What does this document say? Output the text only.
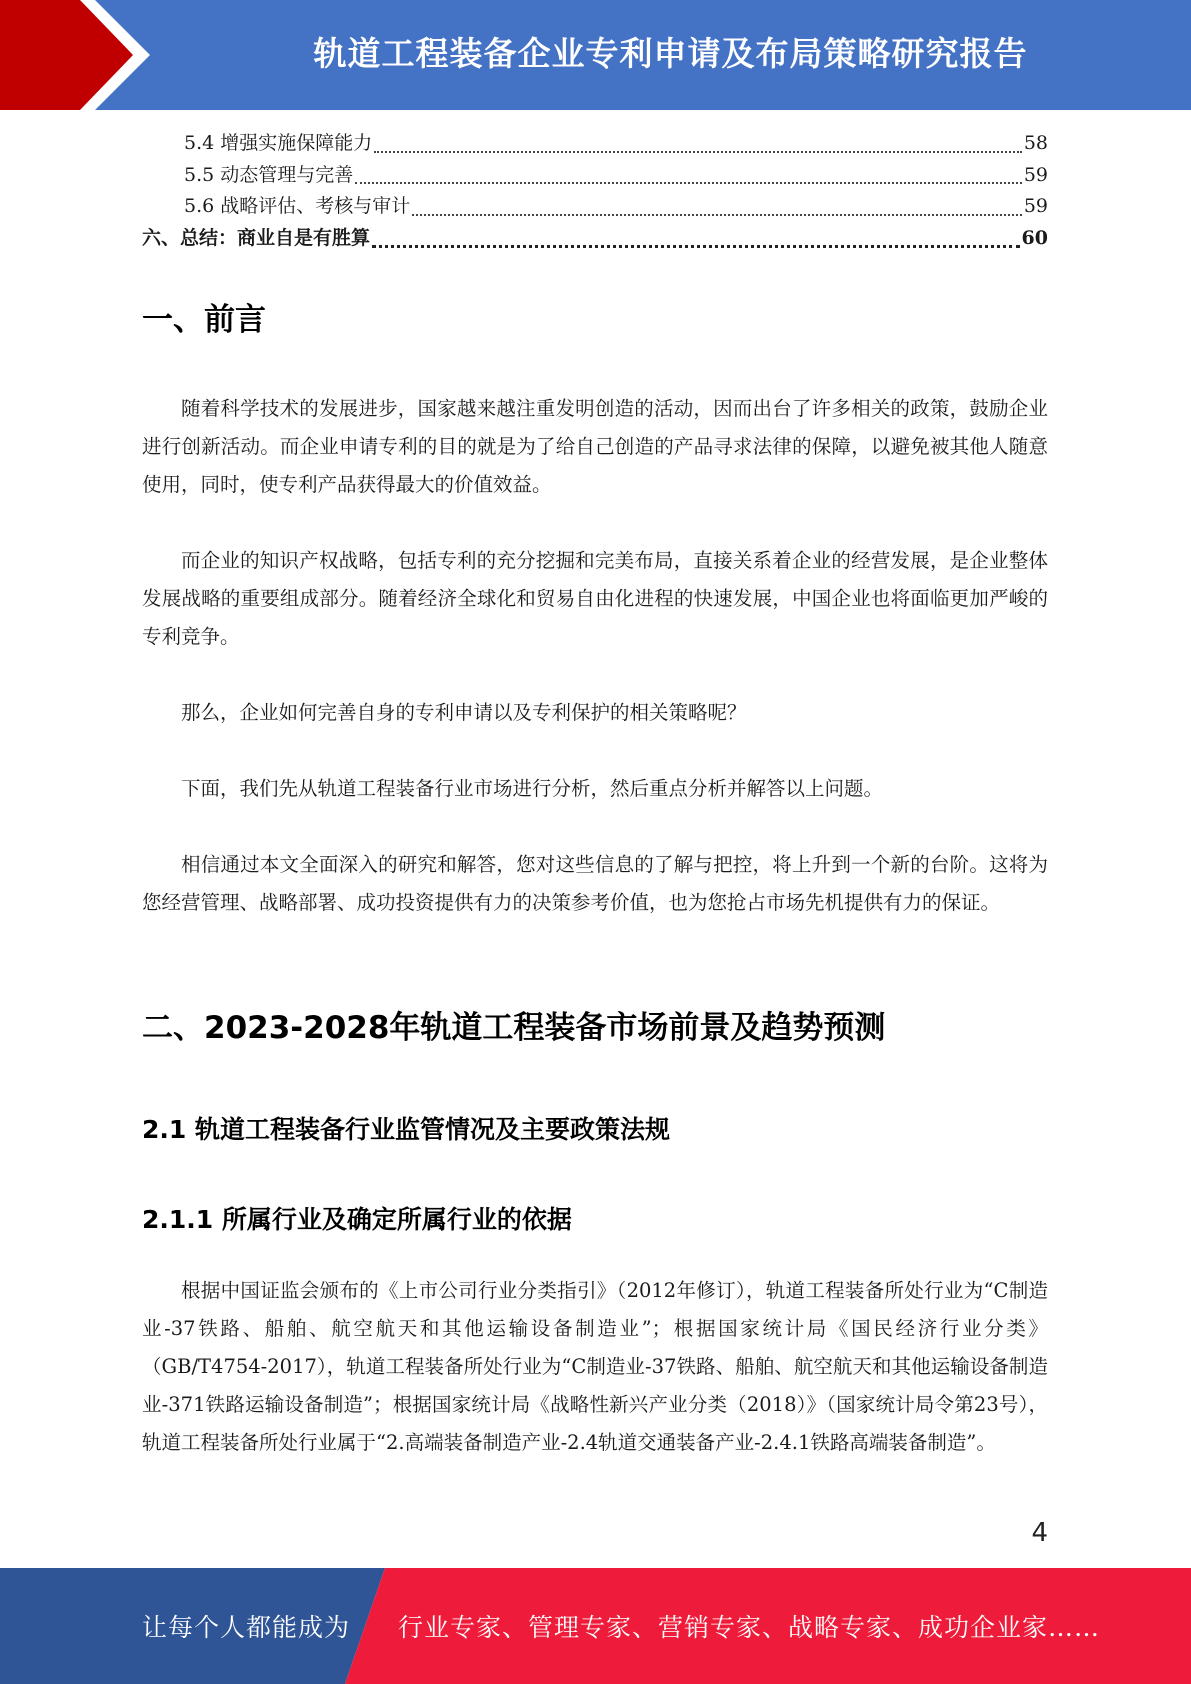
轨道工程装备企业专利申请及布局策略研究报告
5.4 增强实施保障能力	58
5.5 动态管理与完善	59
5.6 战略评估、考核与审计	59
六、总结：商业自是有胜算	60
一、前言
随着科学技术的发展进步，国家越来越注重发明创造的活动，因而出台了许多相关的政策，鼓励企业进行创新活动。而企业申请专利的目的就是为了给自己创造的产品寻求法律的保障，以避免被其他人随意使用，同时，使专利产品获得最大的价值效益。
而企业的知识产权战略，包括专利的充分挖掘和完美布局，直接关系着企业的经营发展，是企业整体发展战略的重要组成部分。随着经济全球化和贸易自由化进程的快速发展，中国企业也将面临更加严峻的专利竞争。
那么，企业如何完善自身的专利申请以及专利保护的相关策略呢？
下面，我们先从轨道工程装备行业市场进行分析，然后重点分析并解答以上问题。
相信通过本文全面深入的研究和解答，您对这些信息的了解与把控，将上升到一个新的台阶。这将为您经营管理、战略部署、成功投资提供有力的决策参考价值，也为您抢占市场先机提供有力的保证。
二、2023-2028年轨道工程装备市场前景及趋势预测
2.1 轨道工程装备行业监管情况及主要政策法规
2.1.1 所属行业及确定所属行业的依据
根据中国证监会颁布的《上市公司行业分类指引》（2012年修订），轨道工程装备所处行业为“C制造业-37铁路、船舶、航空航天和其他运输设备制造业”；根据国家统计局《国民经济行业分类》（GB/T4754-2017），轨道工程装备所处行业为“C制造业-37铁路、船舶、航空航天和其他运输设备制造业-371铁路运输设备制造”；根据国家统计局《战略性新兴产业分类（2018）》（国家统计局令第23号），轨道工程装备所处行业属于“2.高端装备制造产业-2.4轨道交通装备产业-2.4.1铁路高端装备制造”。
4
让每个人都能成为 行业专家、管理专家、营销专家、战略专家、成功企业家……
